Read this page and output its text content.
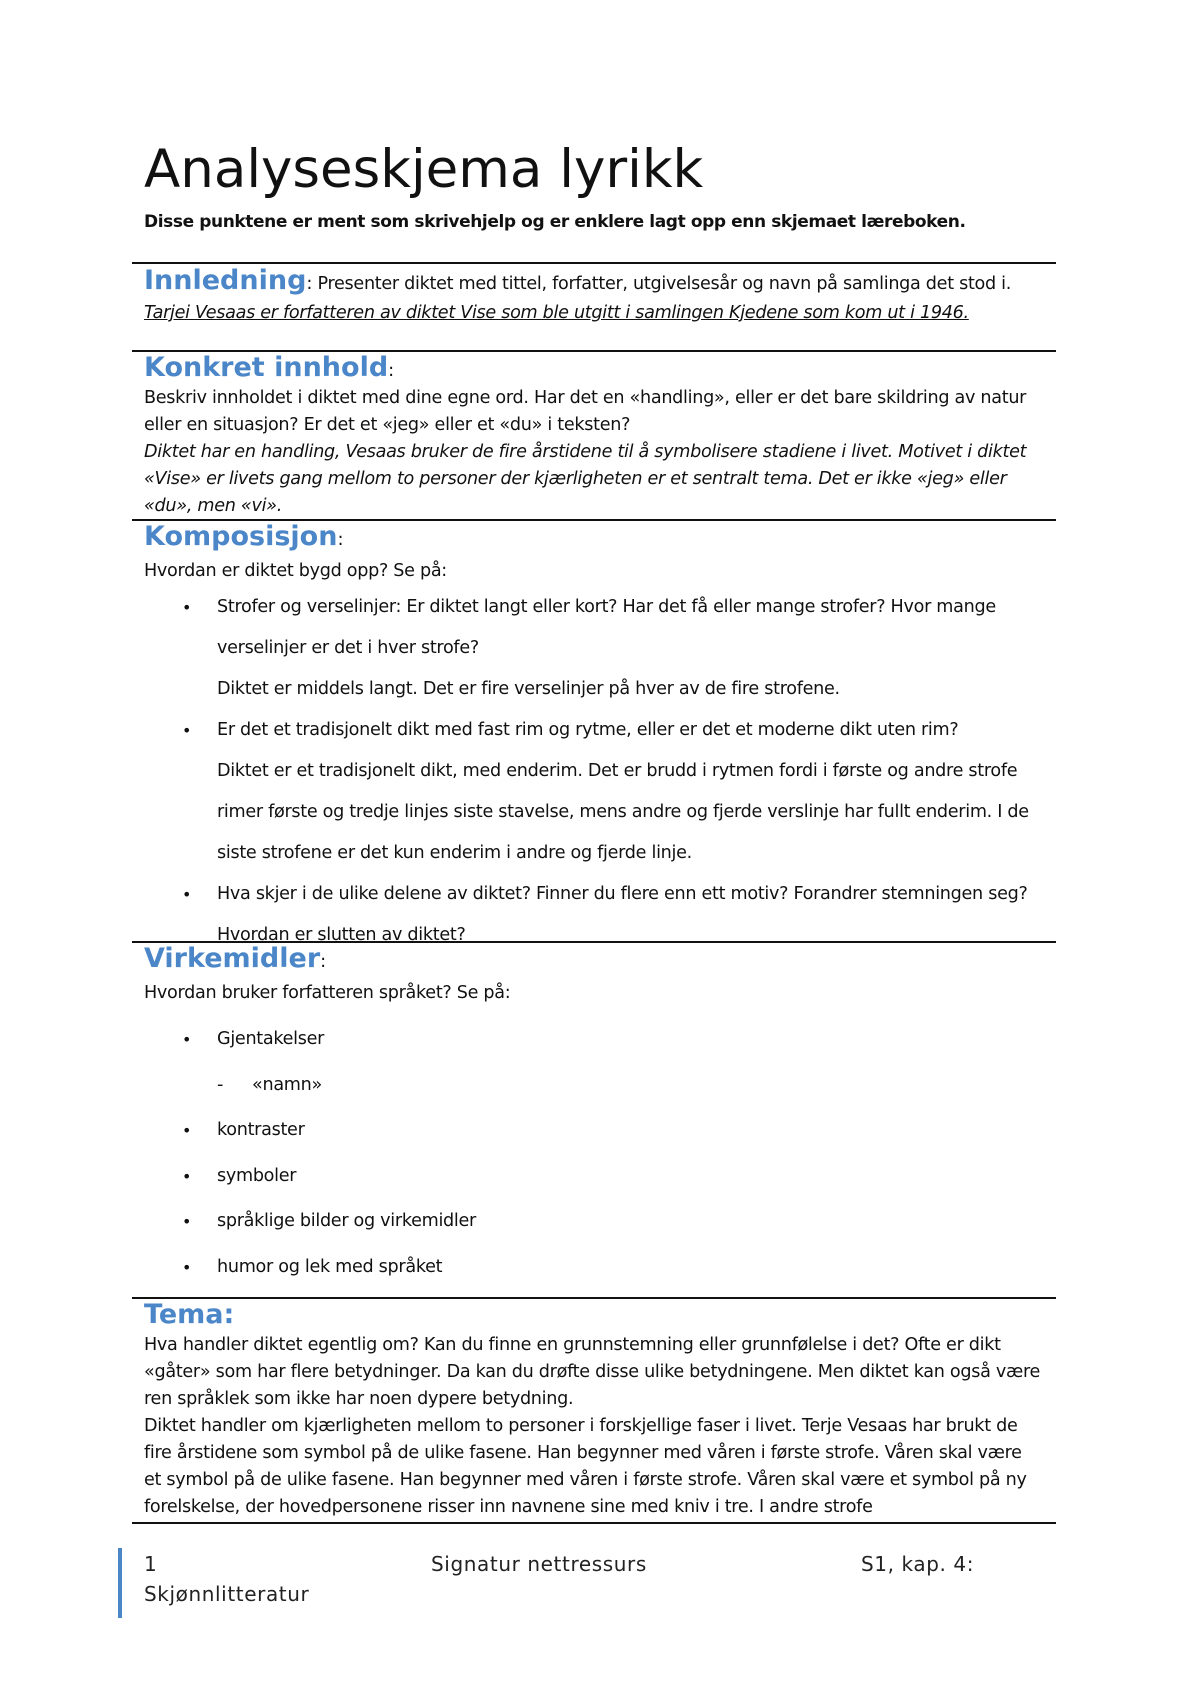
Analyseskjema lyrikk

Disse punktene er ment som skrivehjelp og er enklere lagt opp enn skjemaet læreboken.

Innledning: Presenter diktet med tittel, forfatter, utgivelsesår og navn på samlinga det stod i.

Tarjei Vesaas er forfatteren av diktet Vise som ble utgitt i samlingen Kjedene som kom ut i 1946.

Konkret innhold:

Beskriv innholdet i diktet med dine egne ord. Har det en «handling», eller er det bare skildring av natur eller en situasjon? Er det et «jeg» eller et «du» i teksten?

Diktet har en handling, Vesaas bruker de fire årstidene til å symbolisere stadiene i livet. Motivet i diktet «Vise» er livets gang mellom to personer der kjærligheten er et sentralt tema. Det er ikke «jeg» eller «du», men «vi».

Komposisjon:

Hvordan er diktet bygd opp? Se på:

• Strofer og verselinjer: Er diktet langt eller kort? Har det få eller mange strofer? Hvor mange verselinjer er det i hver strofe?
Diktet er middels langt. Det er fire verselinjer på hver av de fire strofene.
• Er det et tradisjonelt dikt med fast rim og rytme, eller er det et moderne dikt uten rim?
Diktet er et tradisjonelt dikt, med enderim. Det er brudd i rytmen fordi i første og andre strofe rimer første og tredje linjes siste stavelse, mens andre og fjerde verslinje har fullt enderim. I de siste strofene er det kun enderim i andre og fjerde linje.
• Hva skjer i de ulike delene av diktet? Finner du flere enn ett motiv? Forandrer stemningen seg? Hvordan er slutten av diktet?

Virkemidler:

Hvordan bruker forfatteren språket? Se på:

• Gjentakelser
- «namn»
• kontraster
• symboler
• språklige bilder og virkemidler
• humor og lek med språket

Tema:

Hva handler diktet egentlig om? Kan du finne en grunnstemning eller grunnfølelse i det? Ofte er dikt «gåter» som har flere betydninger. Da kan du drøfte disse ulike betydningene. Men diktet kan også være ren språklek som ikke har noen dypere betydning.

Diktet handler om kjærligheten mellom to personer i forskjellige faser i livet. Terje Vesaas har brukt de fire årstidene som symbol på de ulike fasene. Han begynner med våren i første strofe. Våren skal være et symbol på de ulike fasene. Han begynner med våren i første strofe. Våren skal være et symbol på ny forelskelse, der hovedpersonene risser inn navnene sine med kniv i tre. I andre strofe

1	Signatur nettressurs	S1, kap. 4:
Skjønnlitteratur
